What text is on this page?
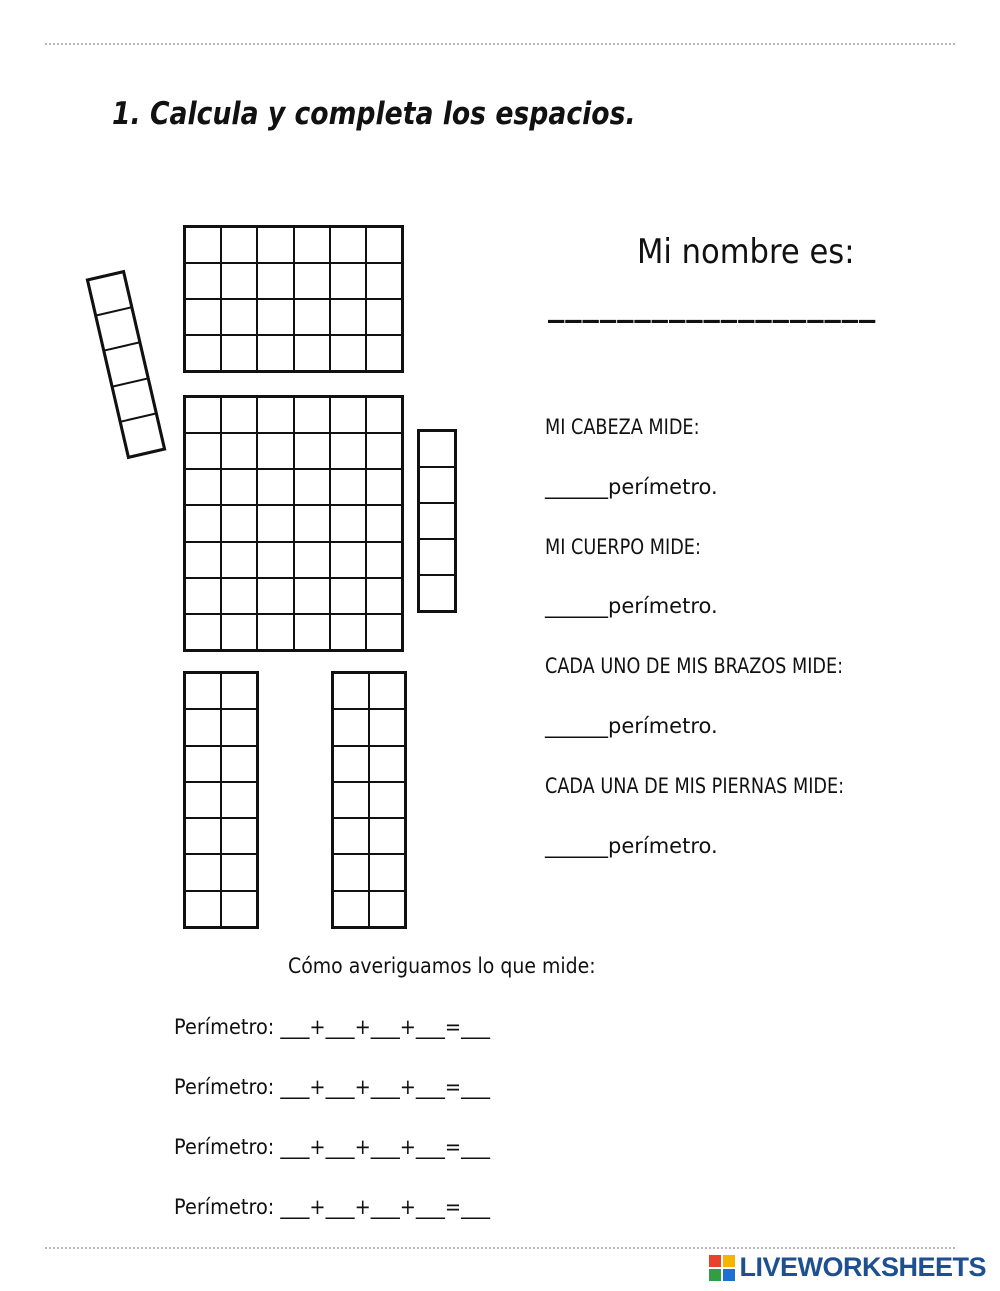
1. Calcula y completa los espacios.
Mi nombre es:
___________________
MI CABEZA MIDE:
______perímetro.
MI CUERPO MIDE:
______perímetro.
CADA UNO DE MIS BRAZOS MIDE:
______perímetro.
CADA UNA DE MIS PIERNAS MIDE:
______perímetro.
Cómo averiguamos lo que mide:
Perímetro: ___+___+___+___=___
Perímetro: ___+___+___+___=___
Perímetro: ___+___+___+___=___
Perímetro: ___+___+___+___=___
LIVEWORKSHEETS
